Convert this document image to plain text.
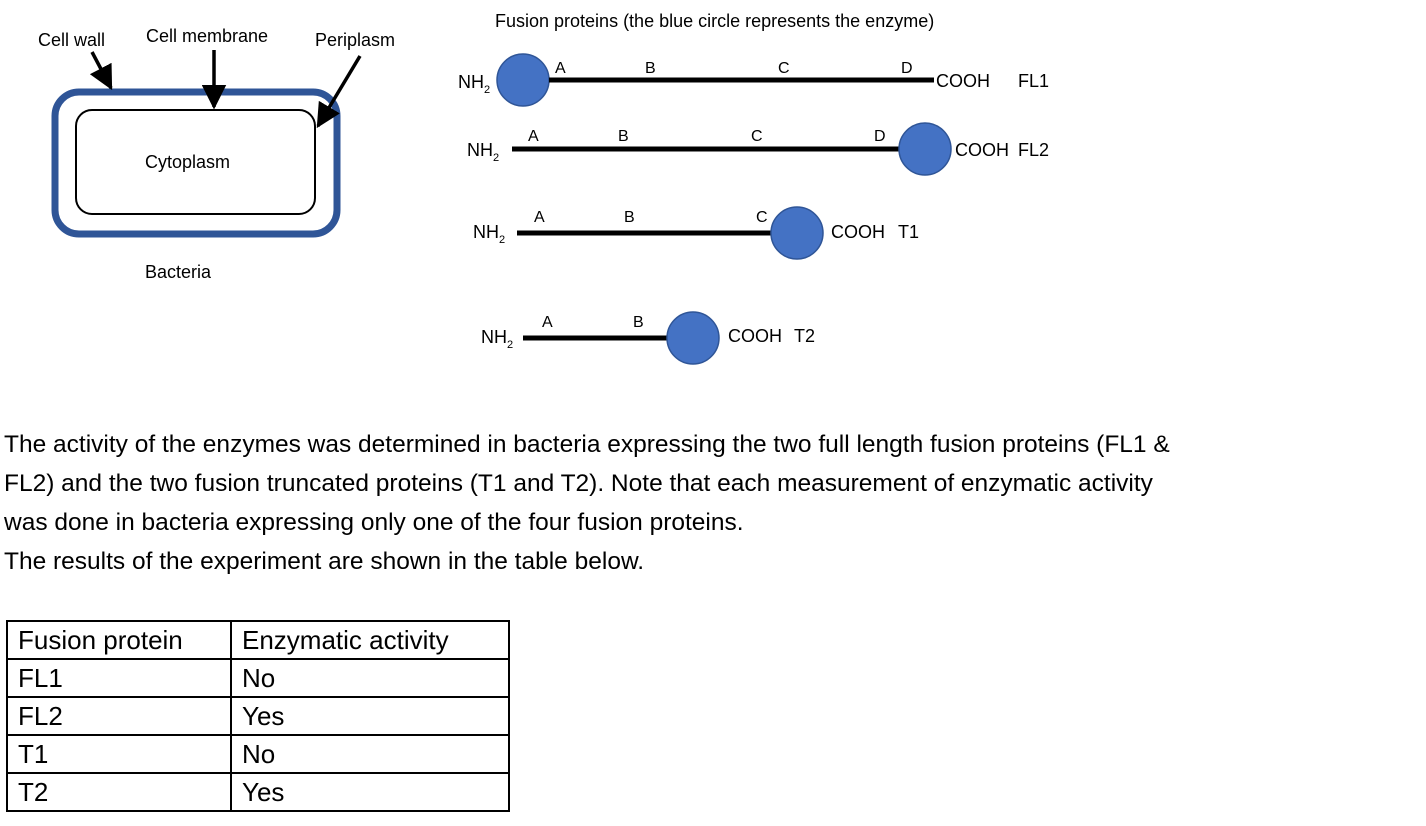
Cell wall Cell membrane	Periplasm
Cytoplasm
Bacteria
Fusion proteins (the blue circle represents the enzyme)
$NH_2$
A	B	C	D
COOH FL1
$NH_2$
A	B	C	D
COOH FL2
$NH_2$
A	B	C
COOH T1
$NH_2$
A	B
COOH T2

The activity of the enzymes was determined in bacteria expressing the two full length fusion proteins (FL1 &

FL2) and the two fusion truncated proteins (T1 and T2). Note that each measurement of enzymatic activity

was done in bacteria expressing only one of the four fusion proteins.

The results of the experiment are shown in the table below.

Fusion protein	Enzymatic activity
FL1	No
FL2	Yes
T1	No
T2	Yes
